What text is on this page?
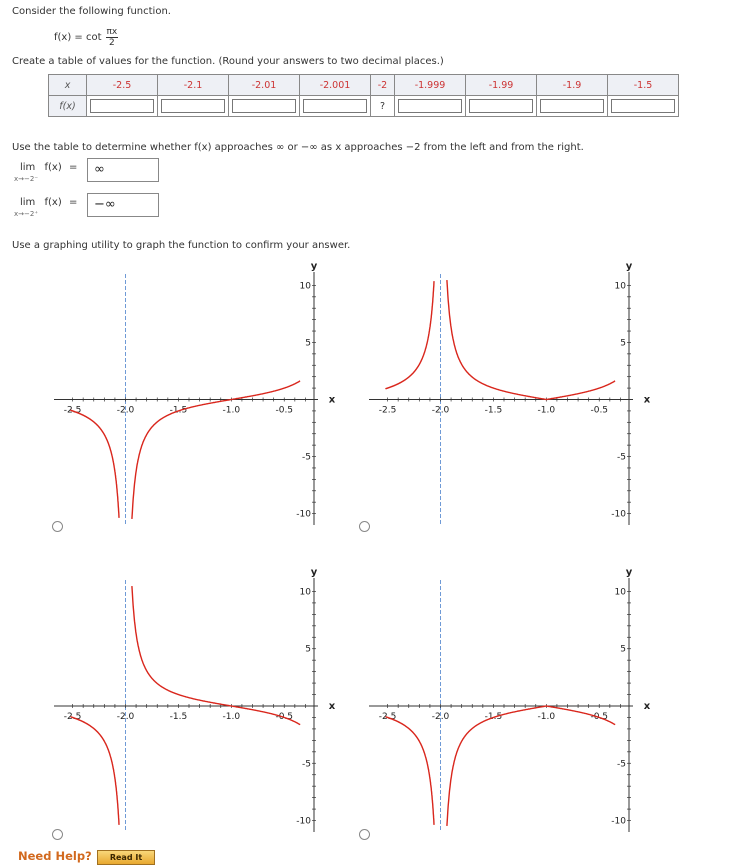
Consider the following function.
$f(x) = \cot \frac{\pi x}{2}$
Create a table of values for the function. (Round your answers to two decimal places.)
x	-2.5	-2.1	-2.01	-2.001	-2	-1.999	-1.99	-1.9	-1.5
f(x)					?				
Use the table to determine whether f(x) approaches ∞ or −∞ as x approaches −2 from the left and from the right.
lim f(x) =
x→−2⁻
∞
lim f(x) =
x→−2⁺
−∞
Use a graphing utility to graph the function to confirm your answer.
-2.5	-2.0	-1.5	-1.0	-0.5
10
5
-5
-10
y
x
-2.5	-2.0	-1.5	-1.0	-0.5
10
5
-5
-10
y
x
-2.5	-2.0	-1.5	-1.0	-0.5
10
5
-5
-10
y
x
-2.5	-2.0	-1.5	-1.0	-0.5
10
5
-5
-10
y
x
Need Help?	Read It
